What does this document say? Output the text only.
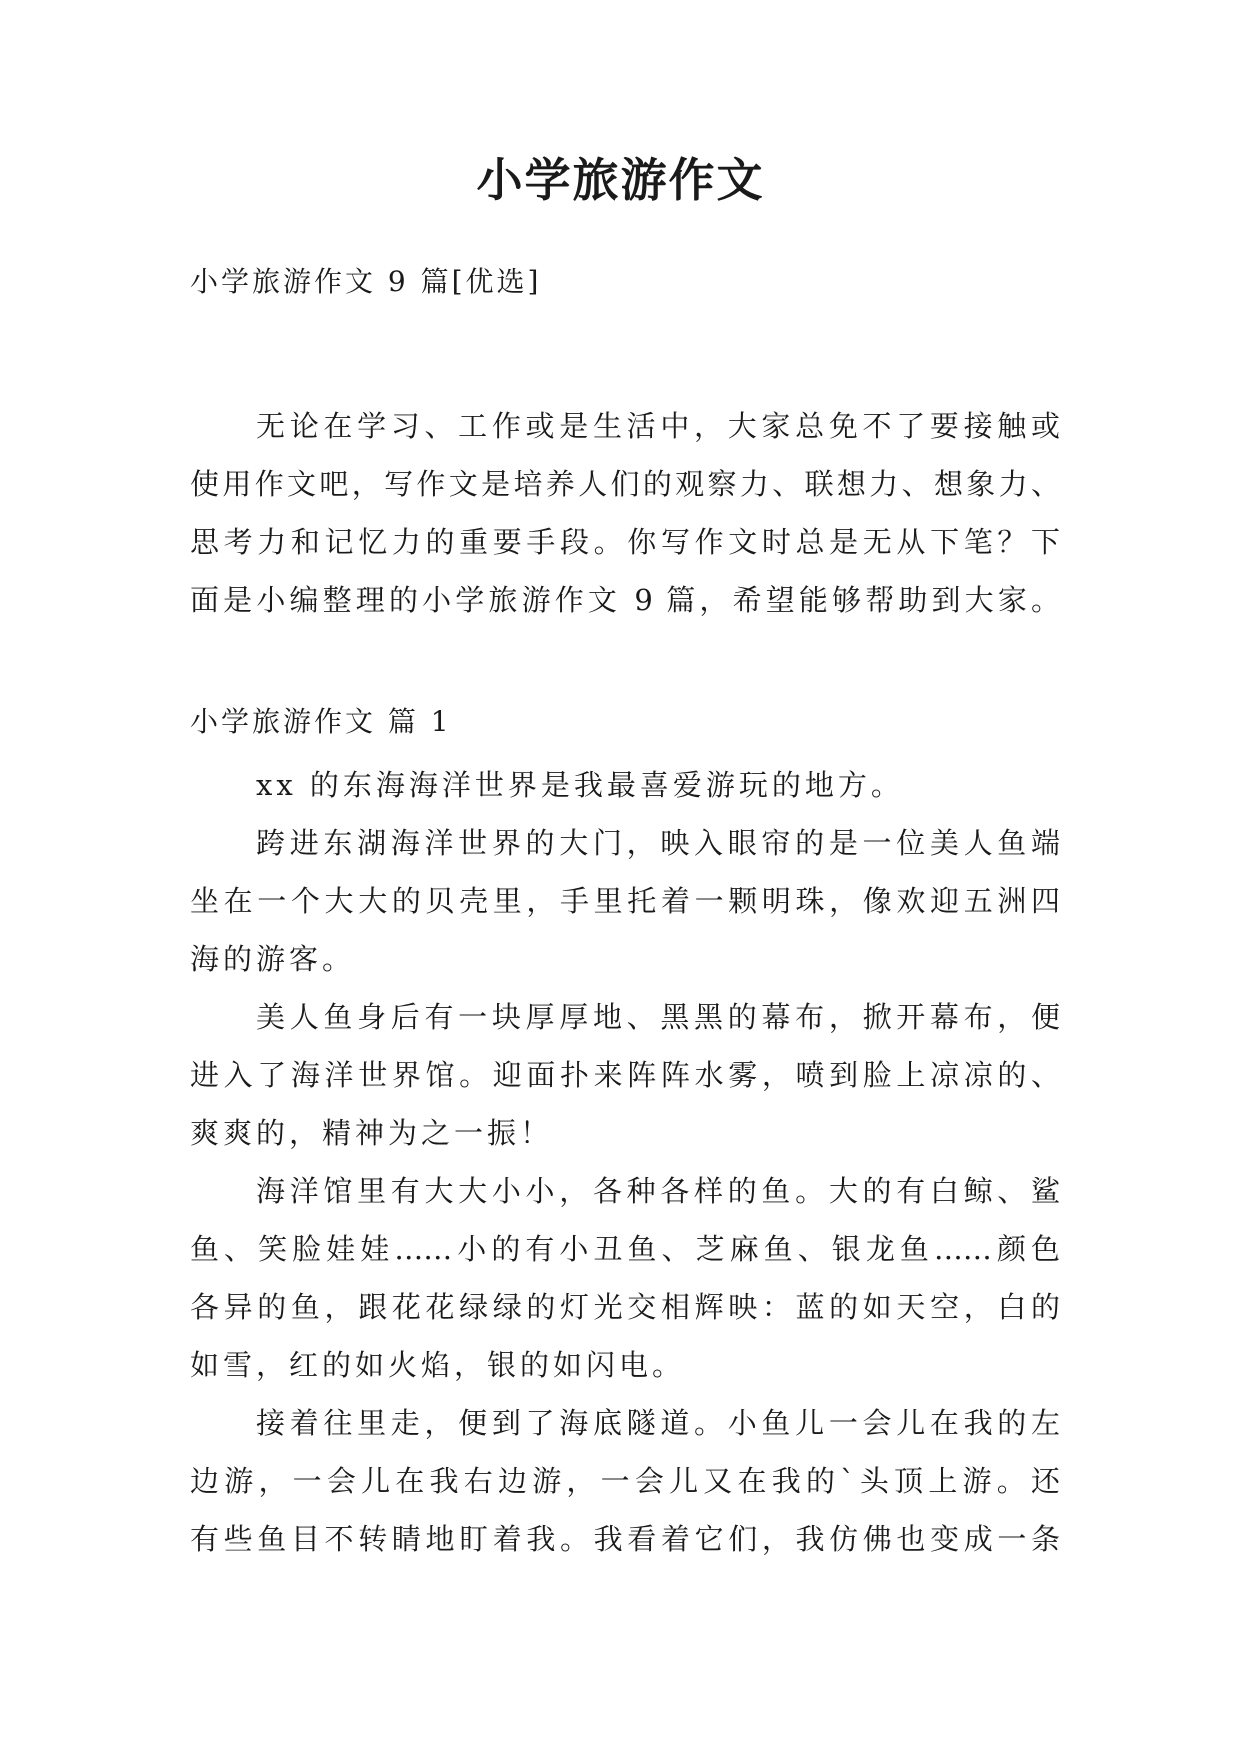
小学旅游作文
小学旅游作文 9 篇[优选]
无论在学习、工作或是生活中，大家总免不了要接触或
使用作文吧，写作文是培养人们的观察力、联想力、想象力、
思考力和记忆力的重要手段。你写作文时总是无从下笔？下
面是小编整理的小学旅游作文 9 篇，希望能够帮助到大家。
小学旅游作文 篇 1
xx 的东海海洋世界是我最喜爱游玩的地方。
跨进东湖海洋世界的大门，映入眼帘的是一位美人鱼端
坐在一个大大的贝壳里，手里托着一颗明珠，像欢迎五洲四
海的游客。
美人鱼身后有一块厚厚地、黑黑的幕布，掀开幕布，便
进入了海洋世界馆。迎面扑来阵阵水雾，喷到脸上凉凉的、
爽爽的，精神为之一振！
海洋馆里有大大小小，各种各样的鱼。大的有白鲸、鲨
鱼、笑脸娃娃……小的有小丑鱼、芝麻鱼、银龙鱼……颜色
各异的鱼，跟花花绿绿的灯光交相辉映：蓝的如天空，白的
如雪，红的如火焰，银的如闪电。
接着往里走，便到了海底隧道。小鱼儿一会儿在我的左
边游，一会儿在我右边游，一会儿又在我的`头顶上游。还
有些鱼目不转睛地盯着我。我看着它们，我仿佛也变成一条
